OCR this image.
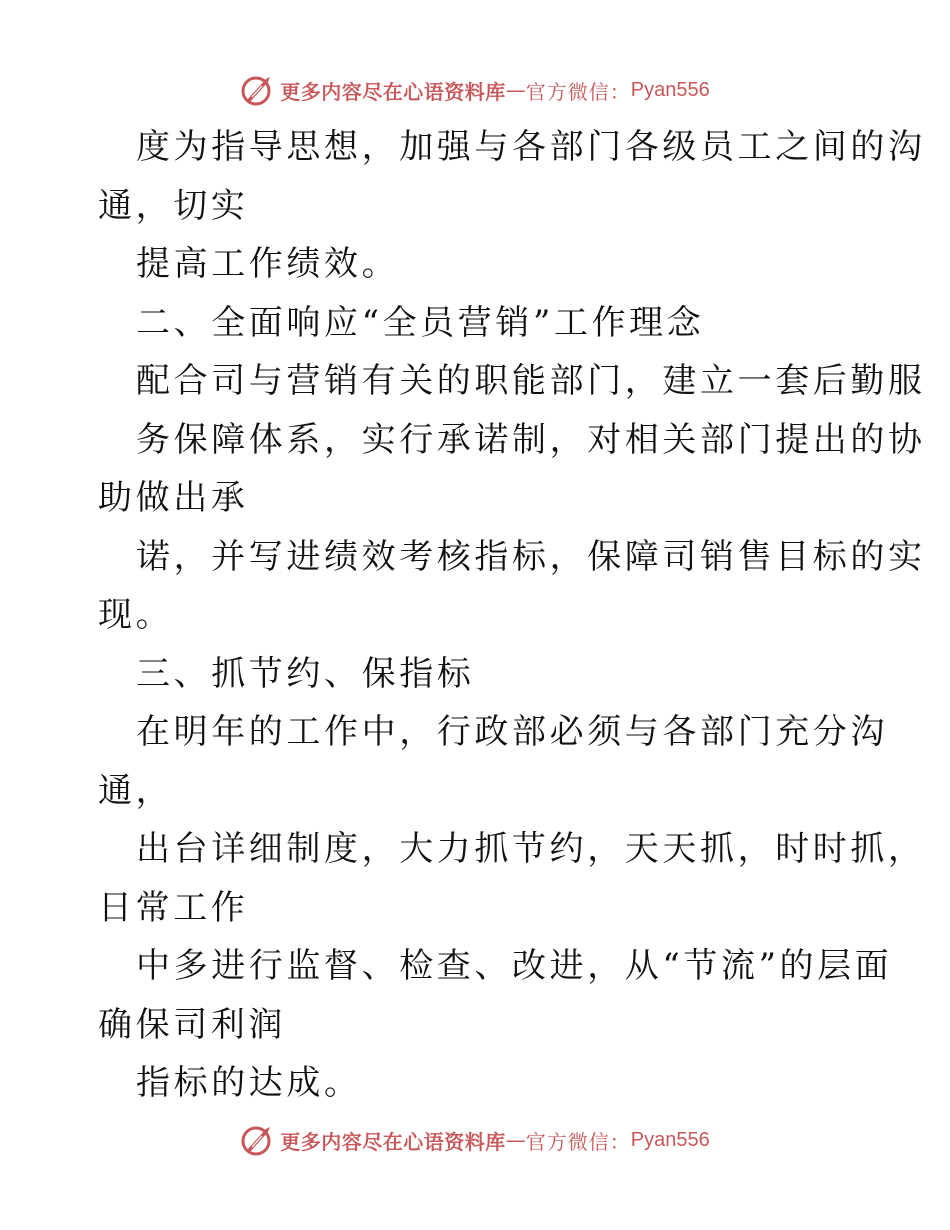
更多内容尽在心语资料库 — 官方微信： Pyan556
度为指导思想，加强与各部门各级员工之间的沟
通，切实
提高工作绩效。
二、全面响应“全员营销”工作理念
配合司与营销有关的职能部门，建立一套后勤服
务保障体系，实行承诺制，对相关部门提出的协
助做出承
诺，并写进绩效考核指标，保障司销售目标的实
现。
三、抓节约、保指标
在明年的工作中，行政部必须与各部门充分沟
通，
出台详细制度，大力抓节约，天天抓，时时抓，
日常工作
中多进行监督、检查、改进，从“节流”的层面
确保司利润
指标的达成。
更多内容尽在心语资料库 — 官方微信： Pyan556
